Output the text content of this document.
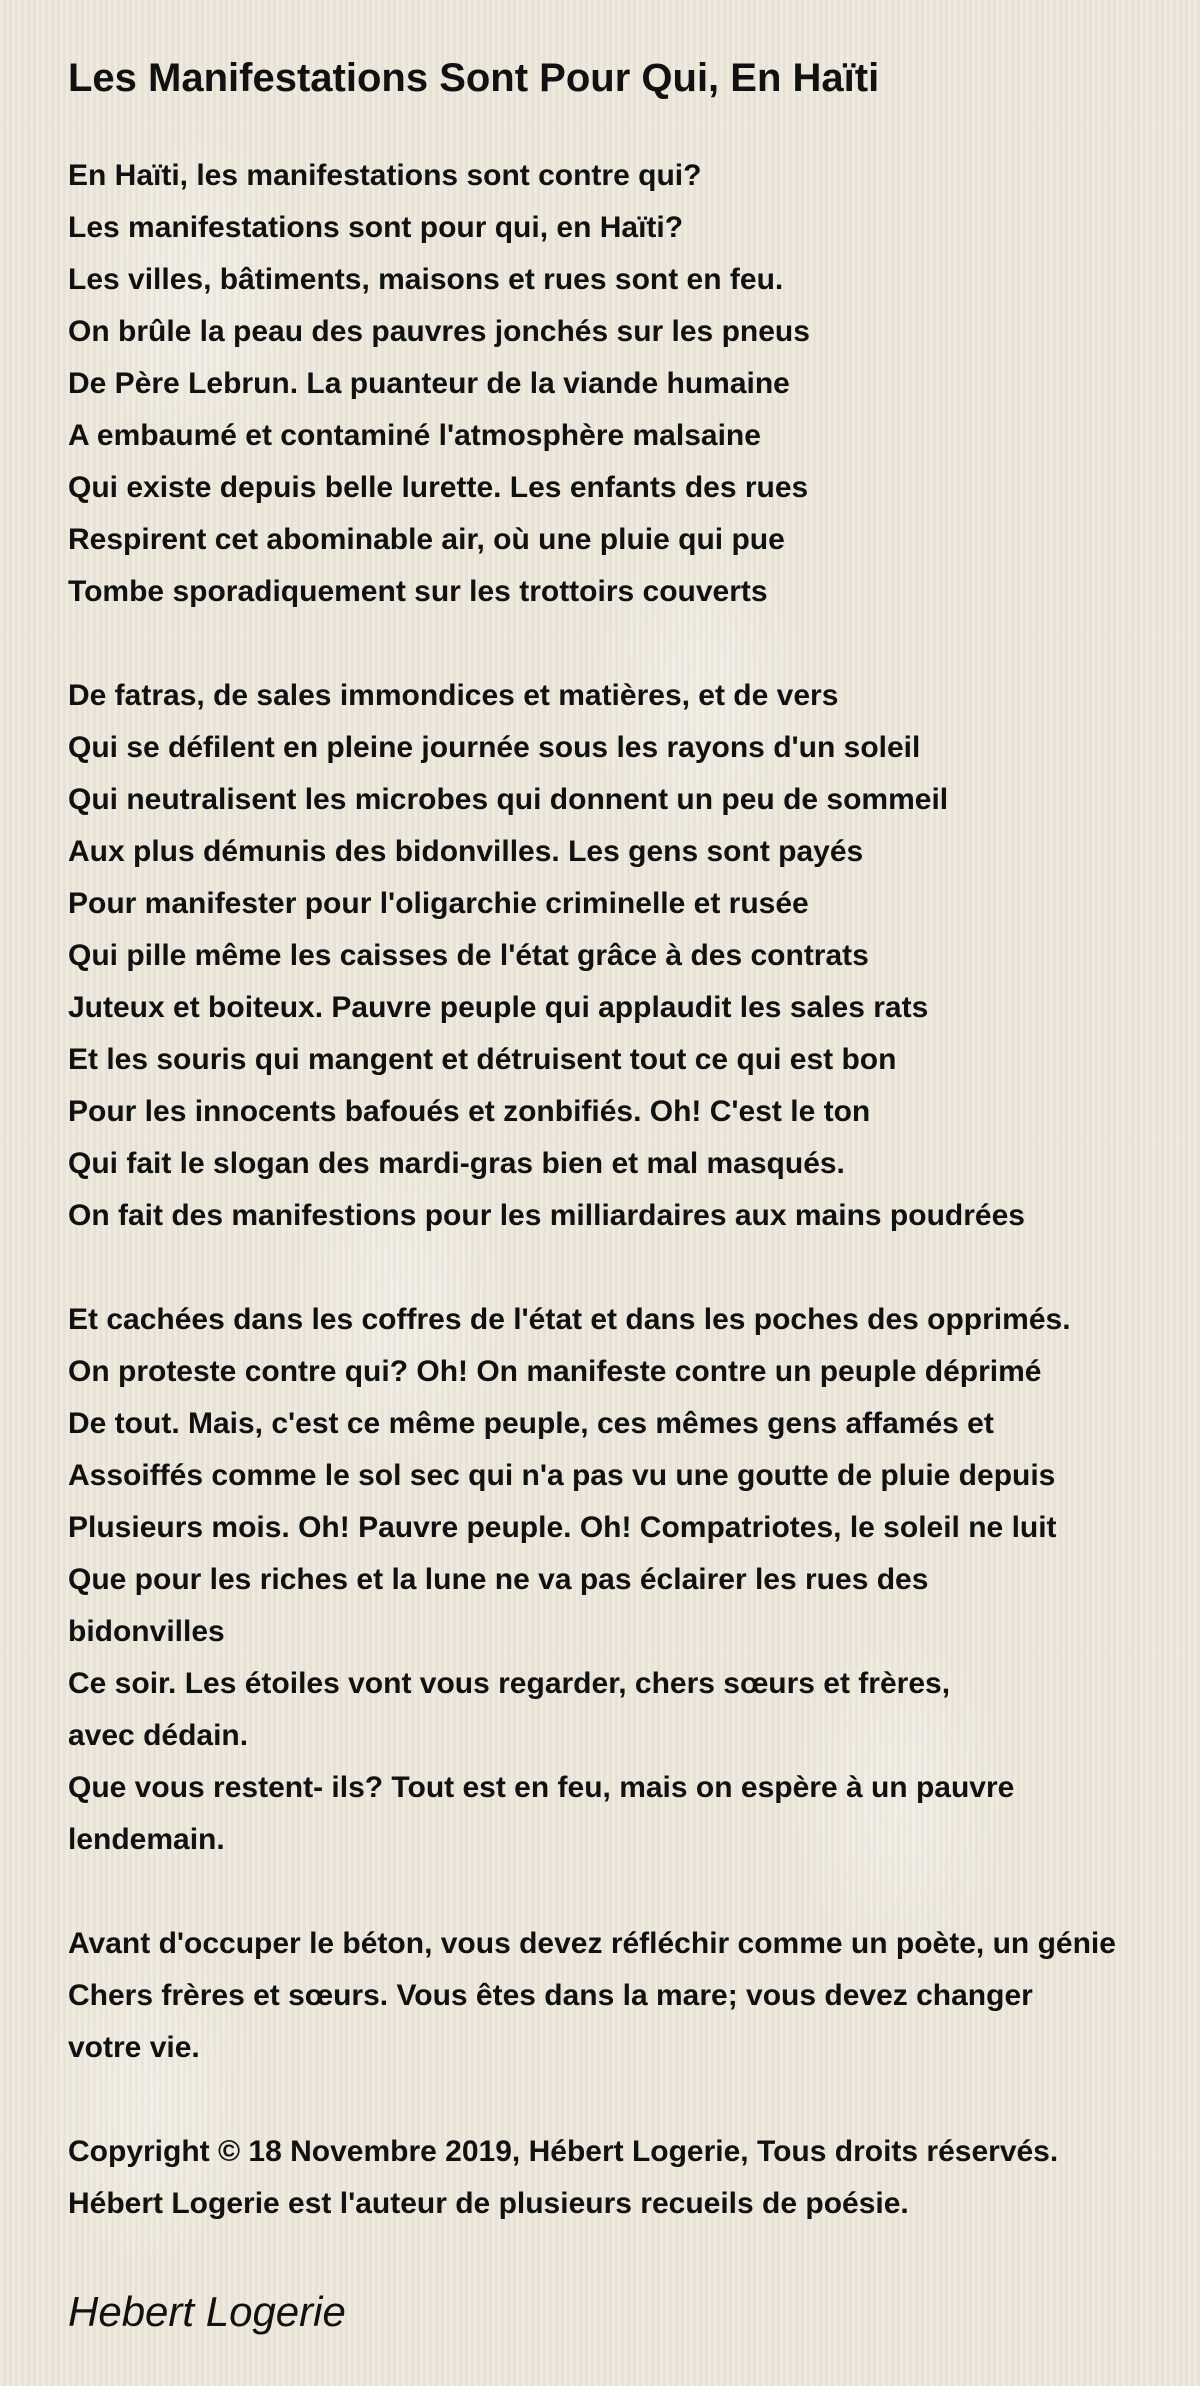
Les Manifestations Sont Pour Qui, En Haïti
En Haïti, les manifestations sont contre qui?
Les manifestations sont pour qui, en Haïti?
Les villes, bâtiments, maisons et rues sont en feu.
On brûle la peau des pauvres jonchés sur les pneus
De Père Lebrun. La puanteur de la viande humaine
A embaumé et contaminé l'atmosphère malsaine
Qui existe depuis belle lurette. Les enfants des rues
Respirent cet abominable air, où une pluie qui pue
Tombe sporadiquement sur les trottoirs couverts
De fatras, de sales immondices et matières, et de vers
Qui se défilent en pleine journée sous les rayons d'un soleil
Qui neutralisent les microbes qui donnent un peu de sommeil
Aux plus démunis des bidonvilles. Les gens sont payés
Pour manifester pour l'oligarchie criminelle et rusée
Qui pille même les caisses de l'état grâce à des contrats
Juteux et boiteux. Pauvre peuple qui applaudit les sales rats
Et les souris qui mangent et détruisent tout ce qui est bon
Pour les innocents bafoués et zonbifiés. Oh! C'est le ton
Qui fait le slogan des mardi-gras bien et mal masqués.
On fait des manifestions pour les milliardaires aux mains poudrées
Et cachées dans les coffres de l'état et dans les poches des opprimés.
On proteste contre qui? Oh! On manifeste contre un peuple déprimé
De tout. Mais, c'est ce même peuple, ces mêmes gens affamés et
Assoiffés comme le sol sec qui n'a pas vu une goutte de pluie depuis
Plusieurs mois. Oh! Pauvre peuple. Oh! Compatriotes, le soleil ne luit
Que pour les riches et la lune ne va pas éclairer les rues des
bidonvilles
Ce soir. Les étoiles vont vous regarder, chers sœurs et frères,
avec dédain.
Que vous restent- ils? Tout est en feu, mais on espère à un pauvre
lendemain.
Avant d'occuper le béton, vous devez réfléchir comme un poète, un génie
Chers frères et sœurs. Vous êtes dans la mare; vous devez changer
votre vie.
Copyright © 18 Novembre 2019, Hébert Logerie, Tous droits réservés.
Hébert Logerie est l'auteur de plusieurs recueils de poésie.
Hebert Logerie
